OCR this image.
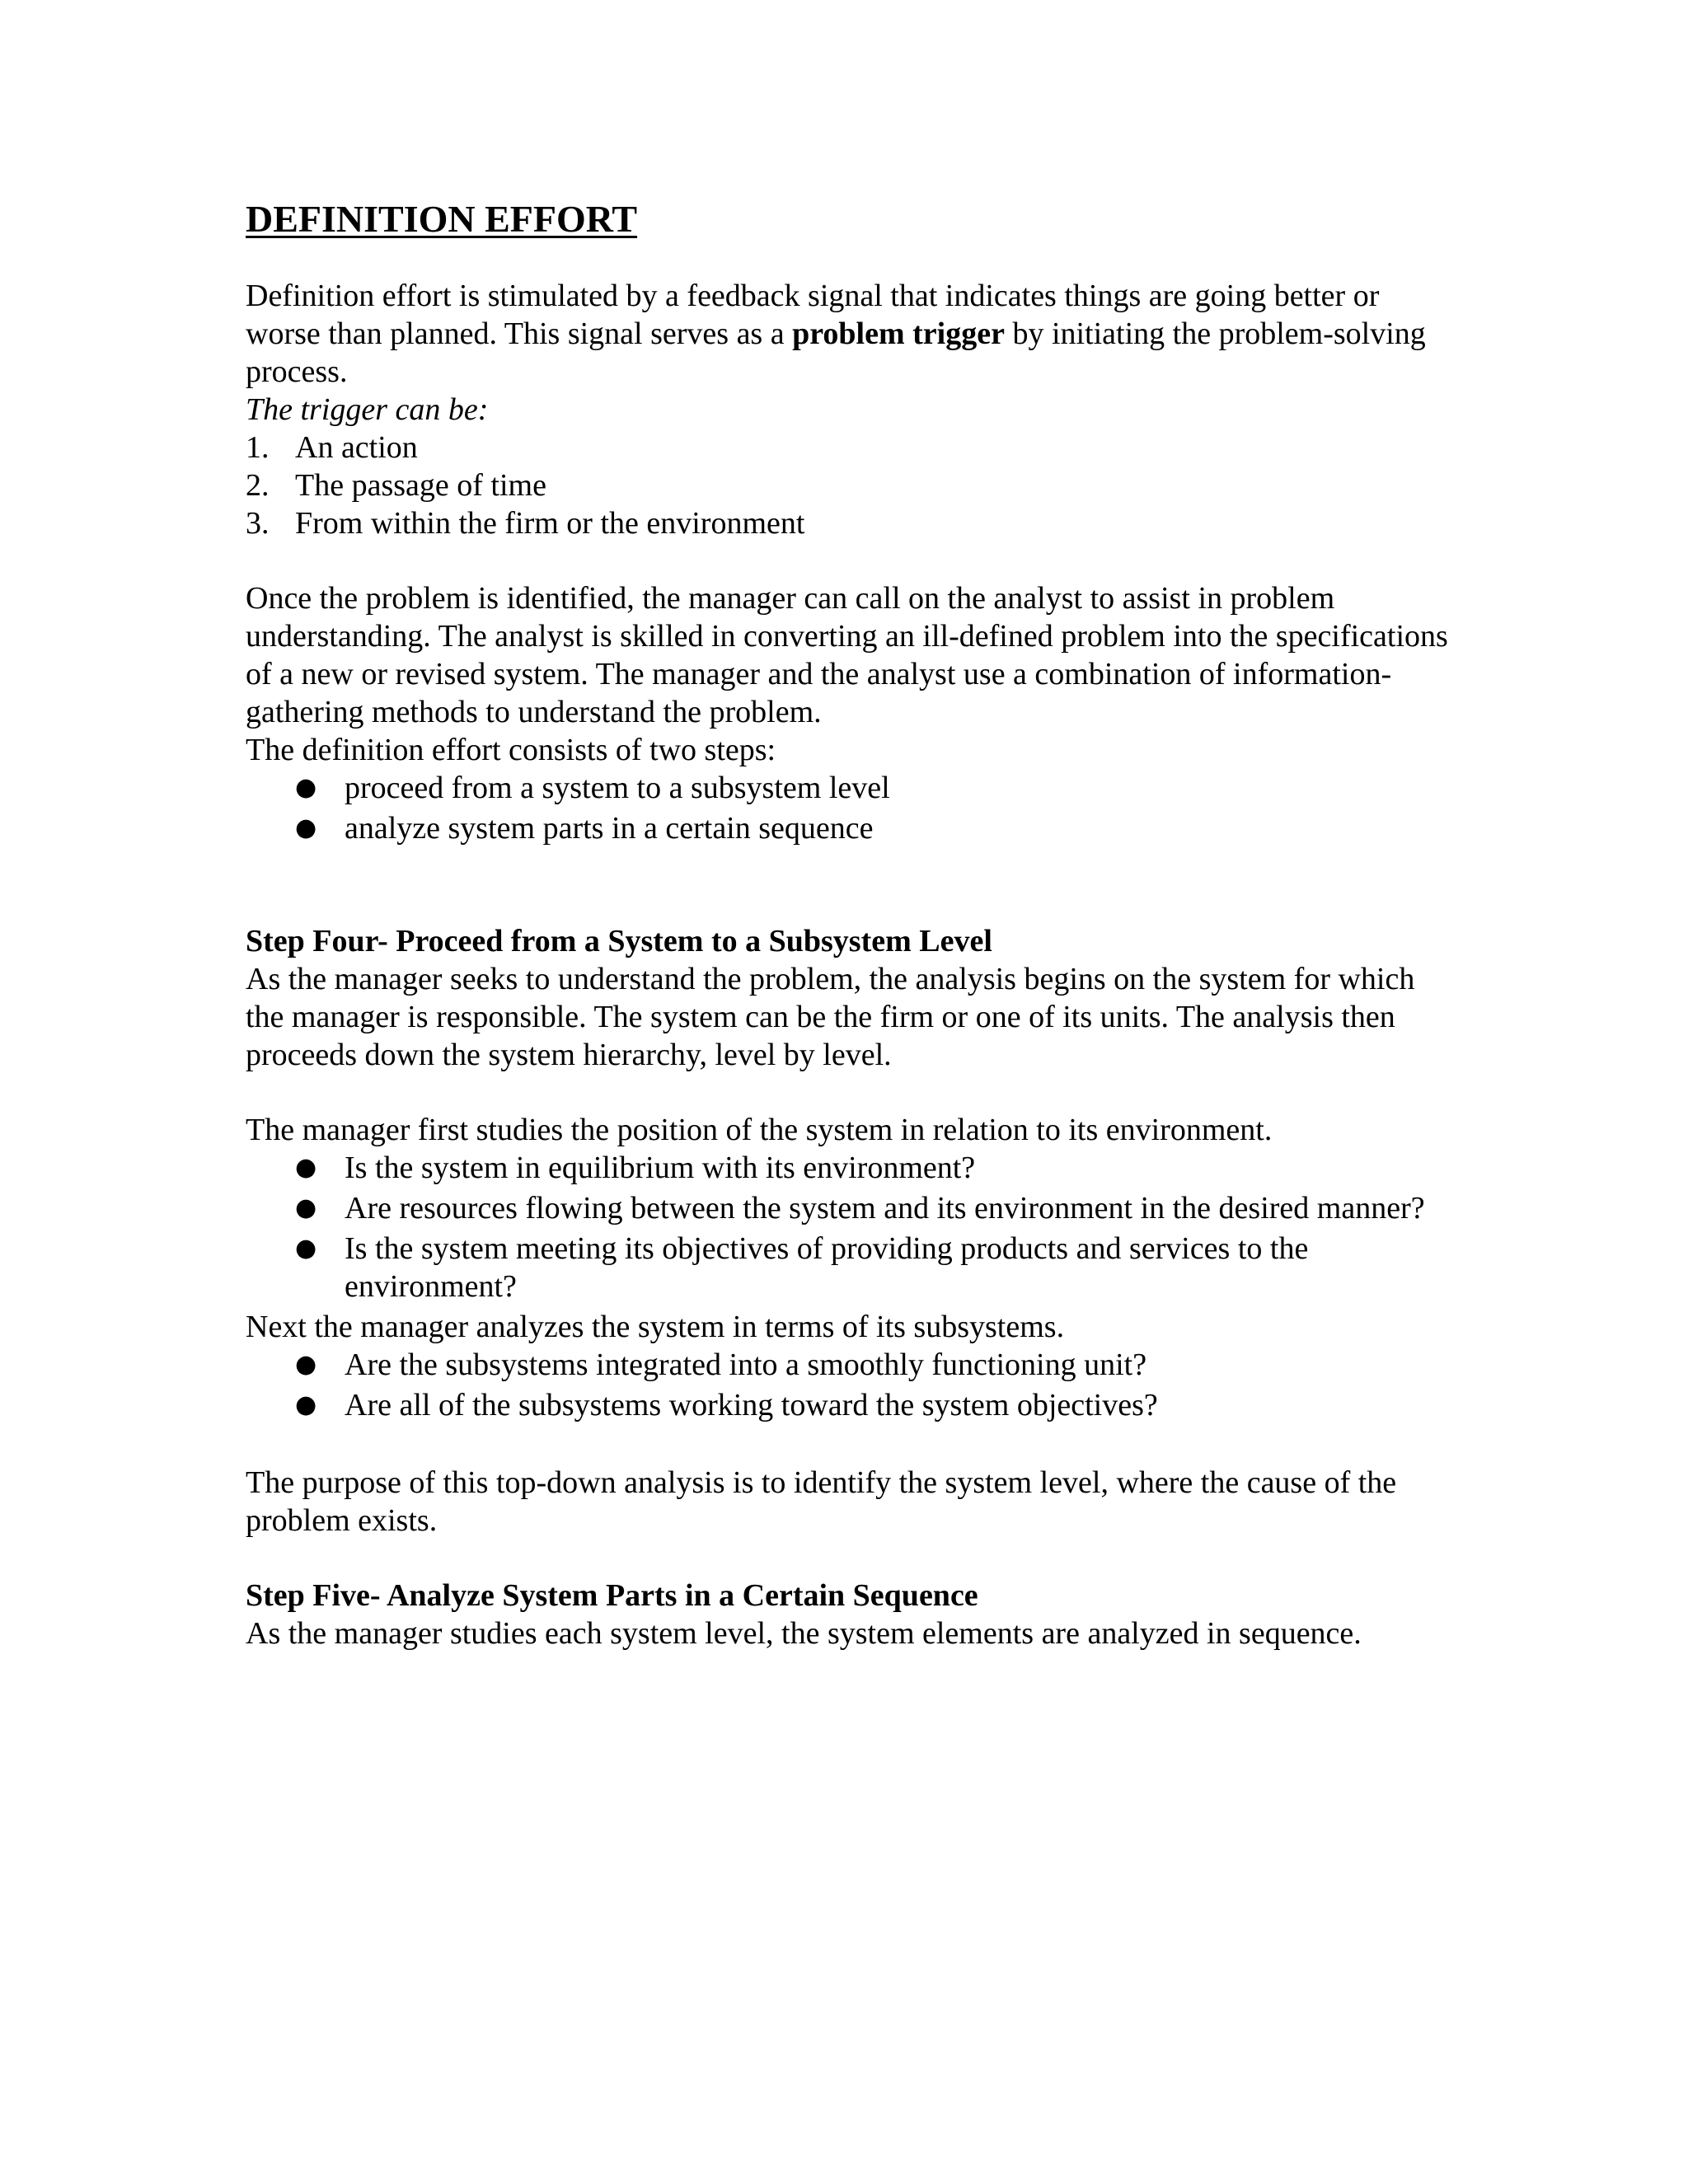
DEFINITION EFFORT

Definition effort is stimulated by a feedback signal that indicates things are going better or worse than planned. This signal serves as a problem trigger by initiating the problem-solving process.

The trigger can be:

1. An action
2. The passage of time
3. From within the firm or the environment

Once the problem is identified, the manager can call on the analyst to assist in problem understanding. The analyst is skilled in converting an ill-defined problem into the specifications of a new or revised system. The manager and the analyst use a combination of information-gathering methods to understand the problem.

The definition effort consists of two steps:

● proceed from a system to a subsystem level
● analyze system parts in a certain sequence

Step Four- Proceed from a System to a Subsystem Level

As the manager seeks to understand the problem, the analysis begins on the system for which the manager is responsible. The system can be the firm or one of its units. The analysis then proceeds down the system hierarchy, level by level.

The manager first studies the position of the system in relation to its environment.

● Is the system in equilibrium with its environment?
● Are resources flowing between the system and its environment in the desired manner?
● Is the system meeting its objectives of providing products and services to the environment?

Next the manager analyzes the system in terms of its subsystems.

● Are the subsystems integrated into a smoothly functioning unit?
● Are all of the subsystems working toward the system objectives?

The purpose of this top-down analysis is to identify the system level, where the cause of the problem exists.

Step Five- Analyze System Parts in a Certain Sequence

As the manager studies each system level, the system elements are analyzed in sequence.
